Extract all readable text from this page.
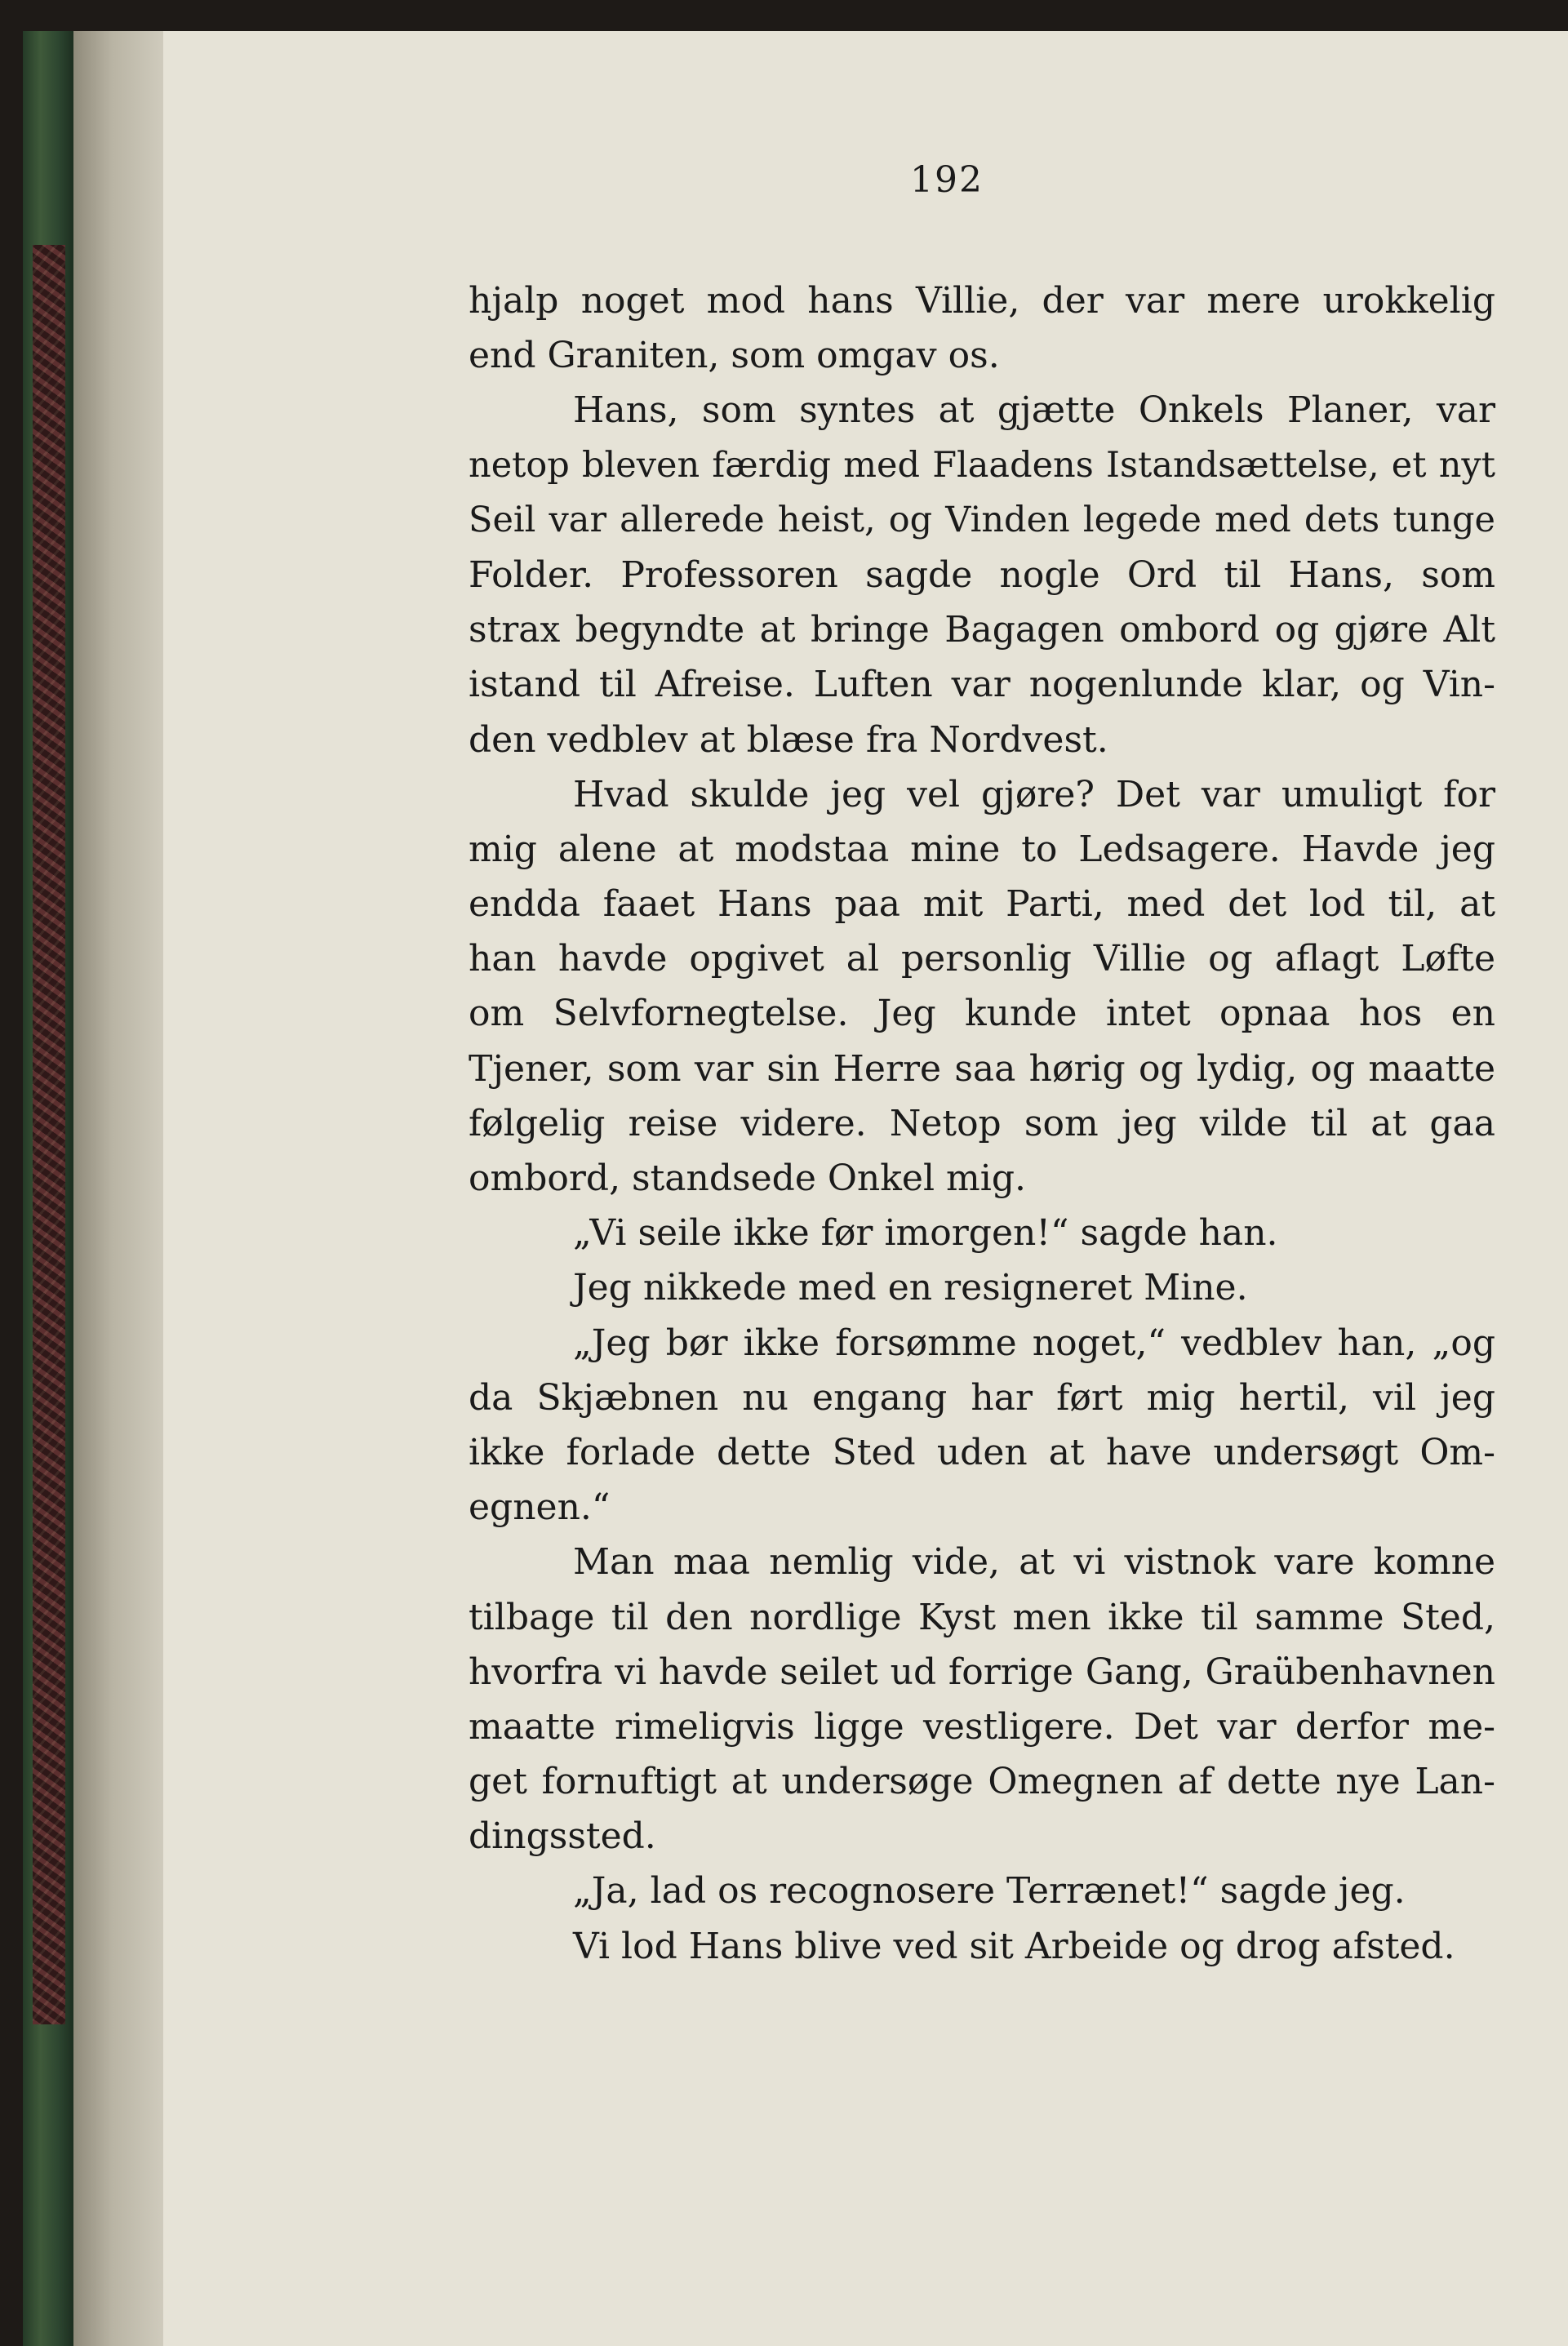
192
hjalp noget mod hans Villie, der var mere urokkelig
end Graniten, som omgav os.
Hans, som syntes at gjætte Onkels Planer, var
netop bleven færdig med Flaadens Istandsættelse, et nyt
Seil var allerede heist, og Vinden legede med dets tunge
Folder. Professoren sagde nogle Ord til Hans, som
strax begyndte at bringe Bagagen ombord og gjøre Alt
istand til Afreise. Luften var nogenlunde klar, og Vin-
den vedblev at blæse fra Nordvest.
Hvad skulde jeg vel gjøre? Det var umuligt for
mig alene at modstaa mine to Ledsagere. Havde jeg
endda faaet Hans paa mit Parti, med det lod til, at
han havde opgivet al personlig Villie og aflagt Løfte
om Selvfornegtelse. Jeg kunde intet opnaa hos en
Tjener, som var sin Herre saa hørig og lydig, og maatte
følgelig reise videre. Netop som jeg vilde til at gaa
ombord, standsede Onkel mig.
„Vi seile ikke før imorgen!“ sagde han.
Jeg nikkede med en resigneret Mine.
„Jeg bør ikke forsømme noget,“ vedblev han, „og
da Skjæbnen nu engang har ført mig hertil, vil jeg
ikke forlade dette Sted uden at have undersøgt Om-
egnen.“
Man maa nemlig vide, at vi vistnok vare komne
tilbage til den nordlige Kyst men ikke til samme Sted,
hvorfra vi havde seilet ud forrige Gang, Graübenhavnen
maatte rimeligvis ligge vestligere. Det var derfor me-
get fornuftigt at undersøge Omegnen af dette nye Lan-
dingssted.
„Ja, lad os recognosere Terrænet!“ sagde jeg.
Vi lod Hans blive ved sit Arbeide og drog afsted.
